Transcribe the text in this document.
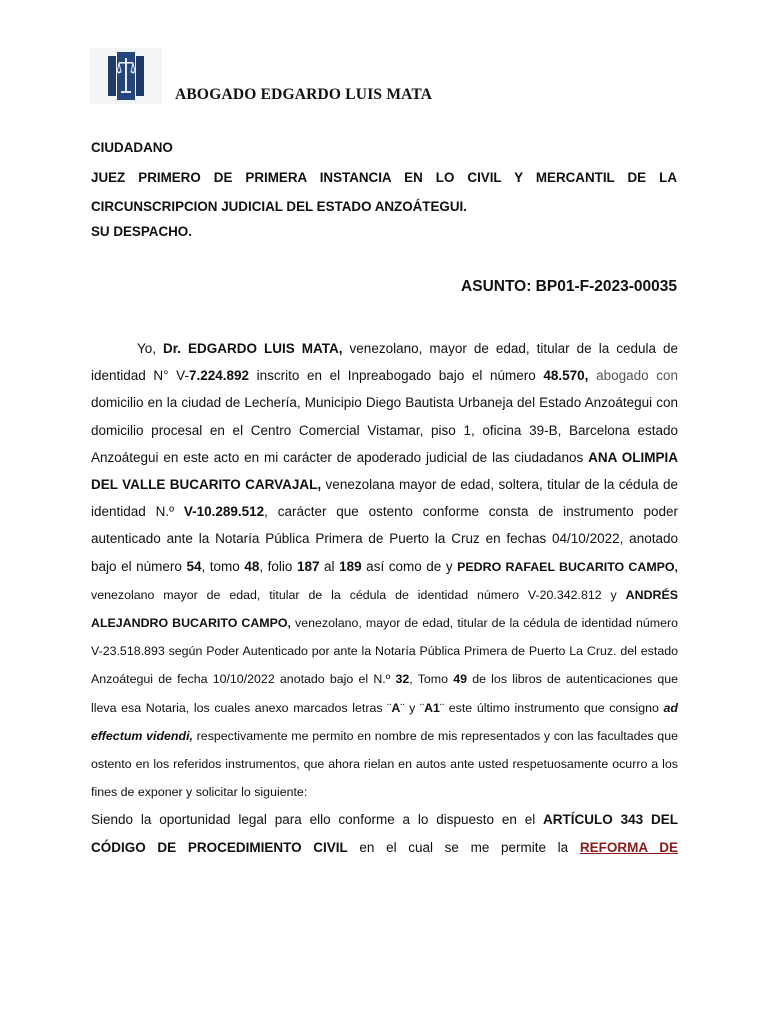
ABOGADO EDGARDO LUIS MATA
CIUDADANO

JUEZ PRIMERO DE PRIMERA INSTANCIA EN LO CIVIL Y MERCANTIL DE LA CIRCUNSCRIPCION JUDICIAL DEL ESTADO ANZOÁTEGUI.

SU DESPACHO.
ASUNTO: BP01-F-2023-00035

Yo, Dr. EDGARDO LUIS MATA, venezolano, mayor de edad, titular de la cedula de identidad N° V-7.224.892 inscrito en el Inpreabogado bajo el número 48.570, abogado con domicilio en la ciudad de Lechería, Municipio Diego Bautista Urbaneja del Estado Anzoátegui con domicilio procesal en el Centro Comercial Vistamar, piso 1, oficina 39-B, Barcelona estado Anzoátegui en este acto en mi carácter de apoderado judicial de las ciudadanos ANA OLIMPIA DEL VALLE BUCARITO CARVAJAL, venezolana mayor de edad, soltera, titular de la cédula de identidad N.º V-10.289.512, carácter que ostento conforme consta de instrumento poder autenticado ante la Notaría Pública Primera de Puerto la Cruz en fechas 04/10/2022, anotado bajo el número 54, tomo 48, folio 187 al 189 así como de y PEDRO RAFAEL BUCARITO CAMPO, venezolano mayor de edad, titular de la cédula de identidad número V-20.342.812 y ANDRÉS ALEJANDRO BUCARITO CAMPO, venezolano, mayor de edad, titular de la cédula de identidad número V-23.518.893 según Poder Autenticado por ante la Notaría Pública Primera de Puerto La Cruz. del estado Anzoátegui de fecha 10/10/2022 anotado bajo el N.º 32, Tomo 49 de los libros de autenticaciones que lleva esa Notaria, los cuales anexo marcados letras ¨A¨ y ¨A1¨ este último instrumento que consigno ad effectum videndi, respectivamente me permito en nombre de mis representados y con las facultades que ostento en los referidos instrumentos, que ahora rielan en autos ante usted respetuosamente ocurro a los fines de exponer y solicitar lo siguiente:

Siendo la oportunidad legal para ello conforme a lo dispuesto en el ARTÍCULO 343 DEL CÓDIGO DE PROCEDIMIENTO CIVIL en el cual se me permite la REFORMA DE
